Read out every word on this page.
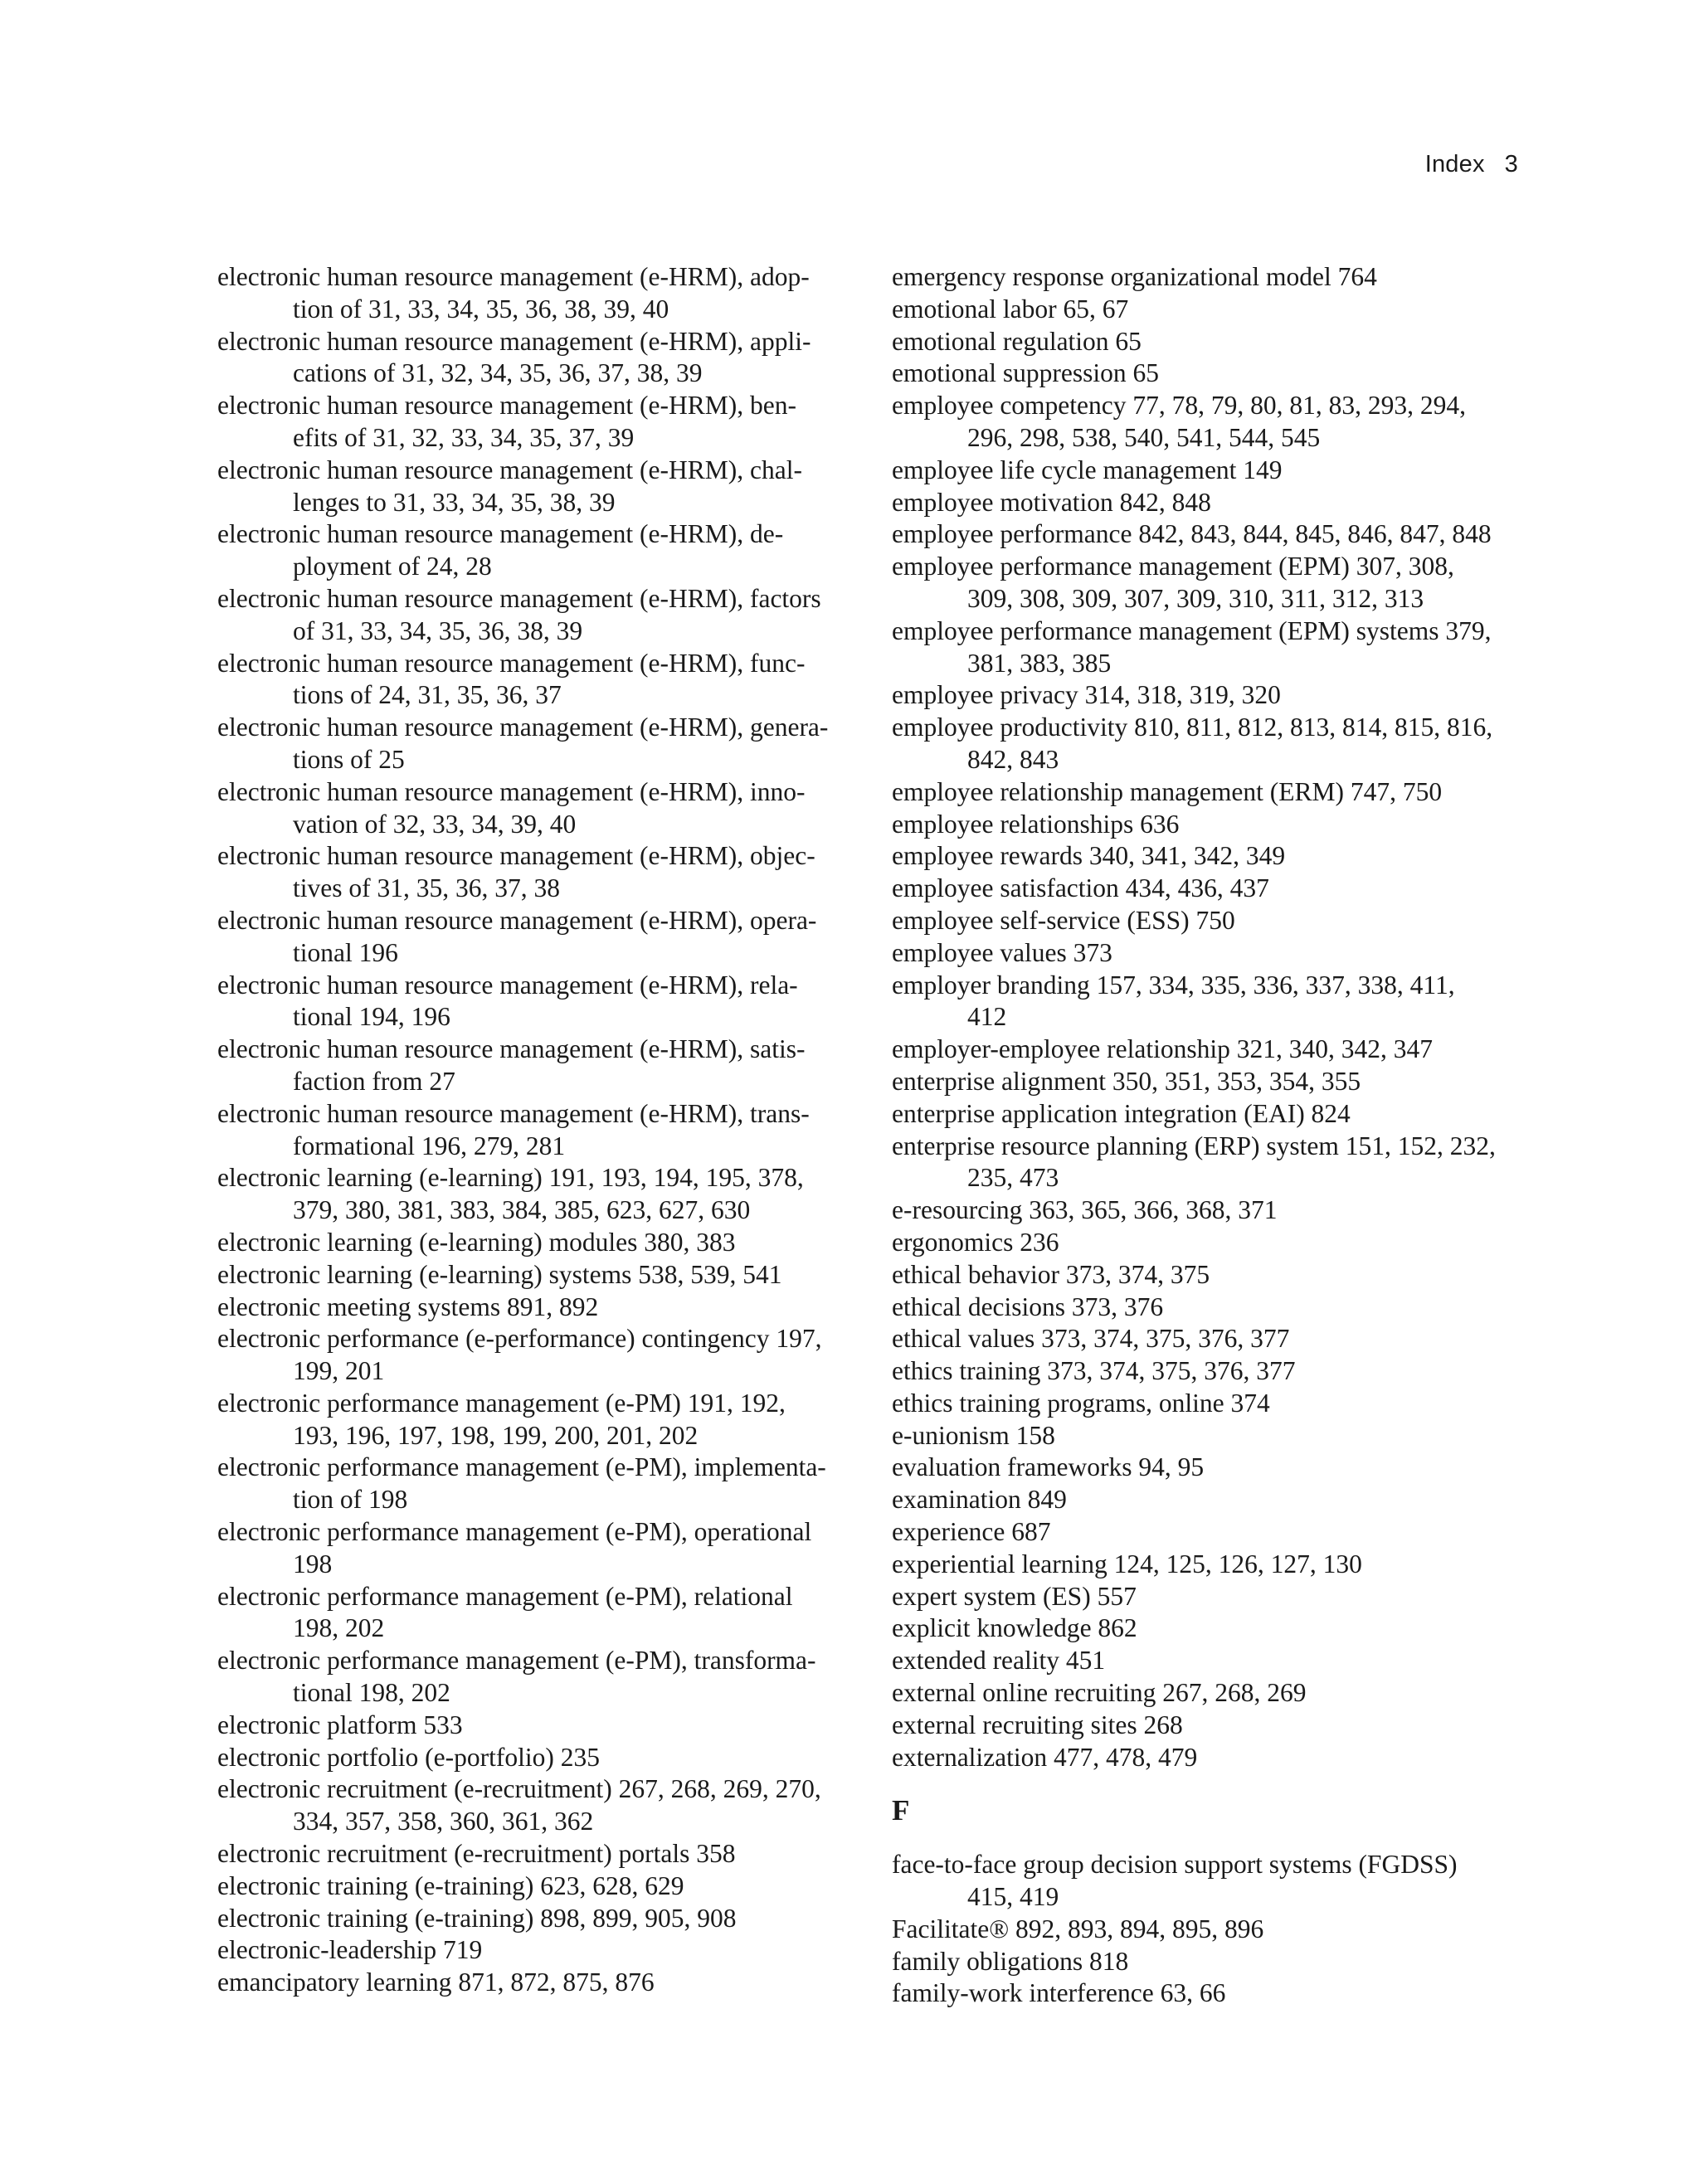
Index 3
electronic human resource management (e-HRM), adop-
tion of 31, 33, 34, 35, 36, 38, 39, 40
electronic human resource management (e-HRM), appli-
cations of 31, 32, 34, 35, 36, 37, 38, 39
electronic human resource management (e-HRM), ben-
efits of 31, 32, 33, 34, 35, 37, 39
electronic human resource management (e-HRM), chal-
lenges to 31, 33, 34, 35, 38, 39
electronic human resource management (e-HRM), de-
ployment of 24, 28
electronic human resource management (e-HRM), factors
of 31, 33, 34, 35, 36, 38, 39
electronic human resource management (e-HRM), func-
tions of 24, 31, 35, 36, 37
electronic human resource management (e-HRM), genera-
tions of 25
electronic human resource management (e-HRM), inno-
vation of 32, 33, 34, 39, 40
electronic human resource management (e-HRM), objec-
tives of 31, 35, 36, 37, 38
electronic human resource management (e-HRM), opera-
tional 196
electronic human resource management (e-HRM), rela-
tional 194, 196
electronic human resource management (e-HRM), satis-
faction from 27
electronic human resource management (e-HRM), trans-
formational 196, 279, 281
electronic learning (e-learning) 191, 193, 194, 195, 378,
379, 380, 381, 383, 384, 385, 623, 627, 630
electronic learning (e-learning) modules 380, 383
electronic learning (e-learning) systems 538, 539, 541
electronic meeting systems 891, 892
electronic performance (e-performance) contingency 197,
199, 201
electronic performance management (e-PM) 191, 192,
193, 196, 197, 198, 199, 200, 201, 202
electronic performance management (e-PM), implementa-
tion of 198
electronic performance management (e-PM), operational
198
electronic performance management (e-PM), relational
198, 202
electronic performance management (e-PM), transforma-
tional 198, 202
electronic platform 533
electronic portfolio (e-portfolio) 235
electronic recruitment (e-recruitment) 267, 268, 269, 270,
334, 357, 358, 360, 361, 362
electronic recruitment (e-recruitment) portals 358
electronic training (e-training) 623, 628, 629
electronic training (e-training) 898, 899, 905, 908
electronic-leadership 719
emancipatory learning 871, 872, 875, 876
emergency response organizational model 764
emotional labor 65, 67
emotional regulation 65
emotional suppression 65
employee competency 77, 78, 79, 80, 81, 83, 293, 294,
296, 298, 538, 540, 541, 544, 545
employee life cycle management 149
employee motivation 842, 848
employee performance 842, 843, 844, 845, 846, 847, 848
employee performance management (EPM) 307, 308,
309, 308, 309, 307, 309, 310, 311, 312, 313
employee performance management (EPM) systems 379,
381, 383, 385
employee privacy 314, 318, 319, 320
employee productivity 810, 811, 812, 813, 814, 815, 816,
842, 843
employee relationship management (ERM) 747, 750
employee relationships 636
employee rewards 340, 341, 342, 349
employee satisfaction 434, 436, 437
employee self-service (ESS) 750
employee values 373
employer branding 157, 334, 335, 336, 337, 338, 411,
412
employer-employee relationship 321, 340, 342, 347
enterprise alignment 350, 351, 353, 354, 355
enterprise application integration (EAI) 824
enterprise resource planning (ERP) system 151, 152, 232,
235, 473
e-resourcing 363, 365, 366, 368, 371
ergonomics 236
ethical behavior 373, 374, 375
ethical decisions 373, 376
ethical values 373, 374, 375, 376, 377
ethics training 373, 374, 375, 376, 377
ethics training programs, online 374
e-unionism 158
evaluation frameworks 94, 95
examination 849
experience 687
experiential learning 124, 125, 126, 127, 130
expert system (ES) 557
explicit knowledge 862
extended reality 451
external online recruiting 267, 268, 269
external recruiting sites 268
externalization 477, 478, 479
F
face-to-face group decision support systems (FGDSS)
415, 419
Facilitate® 892, 893, 894, 895, 896
family obligations 818
family-work interference 63, 66
